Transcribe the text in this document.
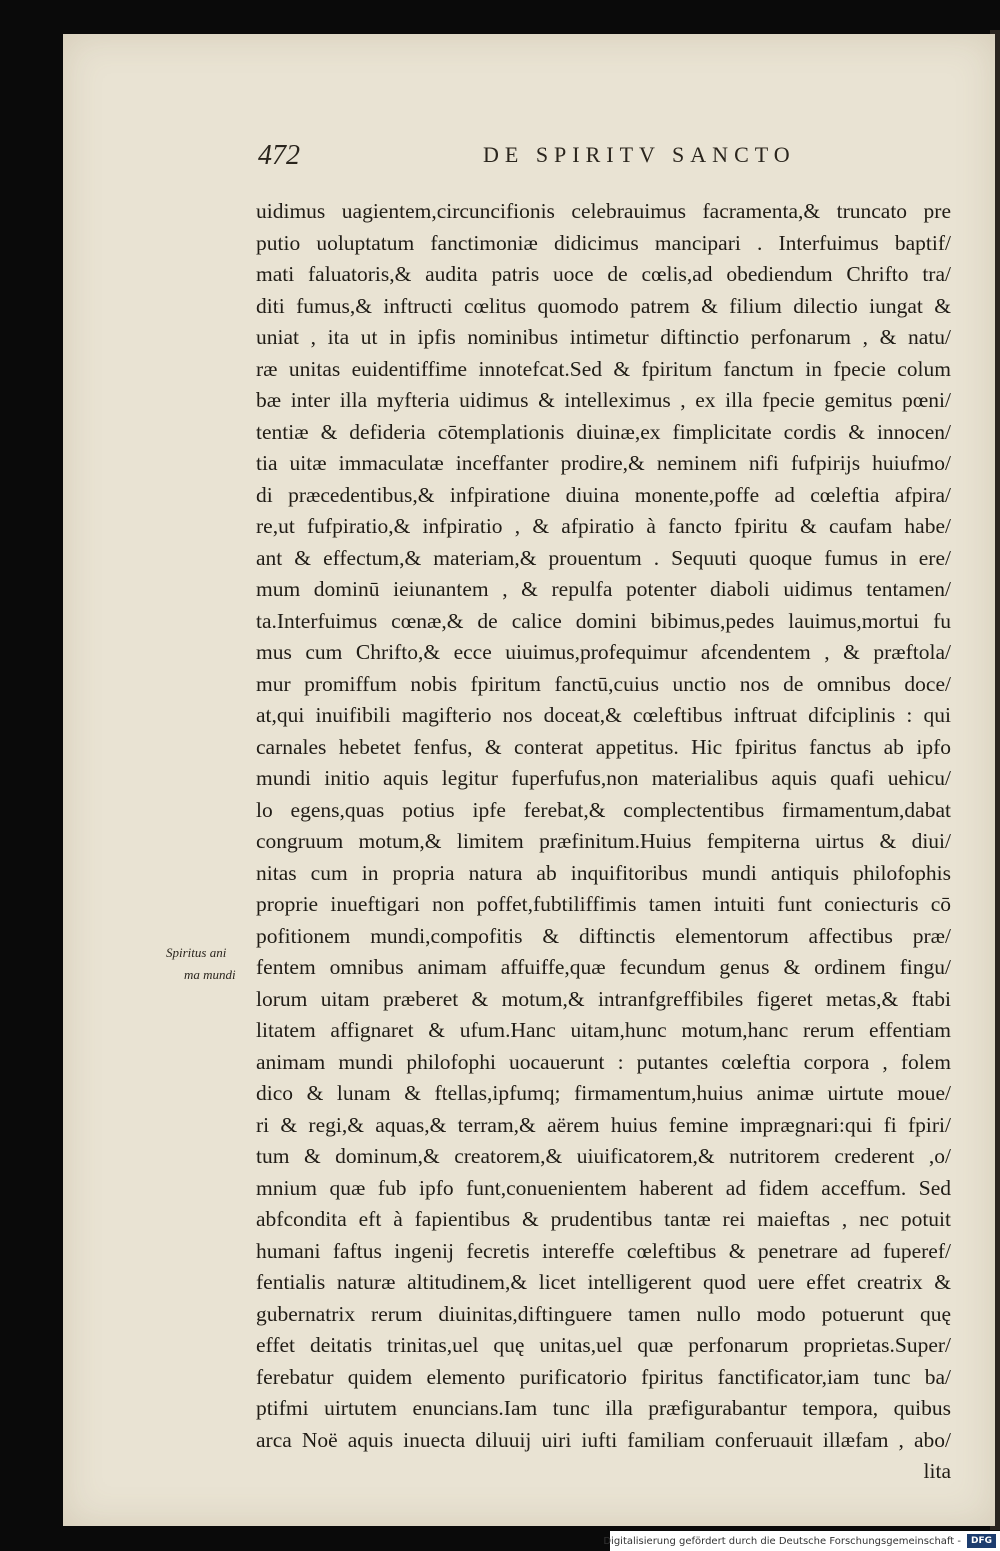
472	DE SPIRITV SANCTO
uidimus uagientem,circuncifionis celebrauimus facramenta,& truncato pre
putio uoluptatum fanctimoniæ didicimus mancipari . Interfuimus baptif/
mati faluatoris,& audita patris uoce de cœlis,ad obediendum Chrifto tra/
diti fumus,& inftructi cœlitus quomodo patrem & filium dilectio iungat &
uniat , ita ut in ipfis nominibus intimetur diftinctio perfonarum , & natu/
ræ unitas euidentiffime innotefcat.Sed & fpiritum fanctum in fpecie colum
bæ inter illa myfteria uidimus & intelleximus , ex illa fpecie gemitus pœni/
tentiæ & defideria cōtemplationis diuinæ,ex fimplicitate cordis & innocen/
tia uitæ immaculatæ inceffanter prodire,& neminem nifi fufpirijs huiufmo/
di præcedentibus,& infpiratione diuina monente,poffe ad cœleftia afpira/
re,ut fufpiratio,& infpiratio , & afpiratio à fancto fpiritu & caufam habe/
ant & effectum,& materiam,& prouentum . Sequuti quoque fumus in ere/
mum dominū ieiunantem , & repulfa potenter diaboli uidimus tentamen/
ta.Interfuimus cœnæ,& de calice domini bibimus,pedes lauimus,mortui fu
mus cum Chrifto,& ecce uiuimus,profequimur afcendentem , & præftola/
mur promiffum nobis fpiritum fanctū,cuius unctio nos de omnibus doce/
at,qui inuifibili magifterio nos doceat,& cœleftibus inftruat difciplinis : qui
carnales hebetet fenfus, & conterat appetitus. Hic fpiritus fanctus ab ipfo
mundi initio aquis legitur fuperfufus,non materialibus aquis quafi uehicu/
lo egens,quas potius ipfe ferebat,& complectentibus firmamentum,dabat
congruum motum,& limitem præfinitum.Huius fempiterna uirtus & diui/
nitas cum in propria natura ab inquifitoribus mundi antiquis philofophis
proprie inueftigari non poffet,fubtiliffimis tamen intuiti funt coniecturis cō
pofitionem mundi,compofitis & diftinctis elementorum affectibus præ/
fentem omnibus animam affuiffe,quæ fecundum genus & ordinem fingu/
lorum uitam præberet & motum,& intranfgreffibiles figeret metas,& ftabi
litatem affignaret & ufum.Hanc uitam,hunc motum,hanc rerum effentiam
animam mundi philofophi uocauerunt : putantes cœleftia corpora , folem
dico & lunam & ftellas,ipfumq; firmamentum,huius animæ uirtute moue/
ri & regi,& aquas,& terram,& aërem huius femine imprægnari:qui fi fpiri/
tum & dominum,& creatorem,& uiuificatorem,& nutritorem crederent ,o/
mnium quæ fub ipfo funt,conuenientem haberent ad fidem acceffum. Sed
abfcondita eft à fapientibus & prudentibus tantæ rei maieftas , nec potuit
humani faftus ingenij fecretis intereffe cœleftibus & penetrare ad fuperef/
fentialis naturæ altitudinem,& licet intelligerent quod uere effet creatrix &
gubernatrix rerum diuinitas,diftinguere tamen nullo modo potuerunt quę
effet deitatis trinitas,uel quę unitas,uel quæ perfonarum proprietas.Super/
ferebatur quidem elemento purificatorio fpiritus fanctificator,iam tunc ba/
ptifmi uirtutem enuncians.Iam tunc illa præfigurabantur tempora, quibus
arca Noë aquis inuecta diluuij uiri iufti familiam conferuauit illæfam , abo/
lita
Spiritus ani
ma mundi
Digitalisierung gefördert durch die Deutsche Forschungsgemeinschaft -	DFG
